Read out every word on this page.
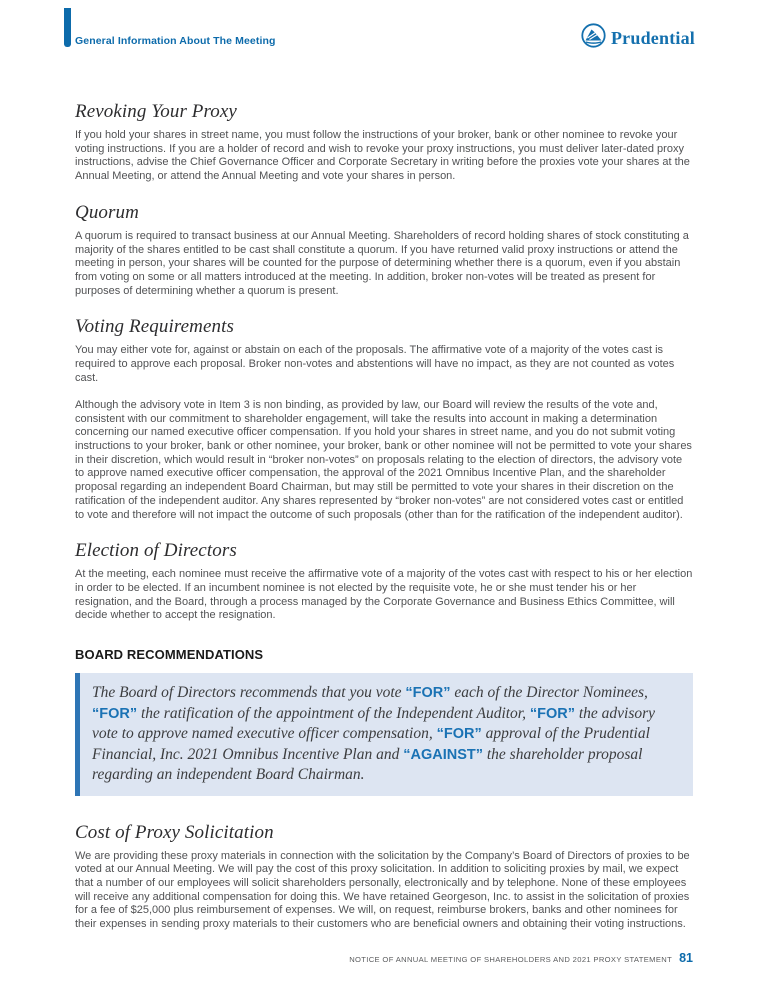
General Information About The Meeting	Prudential
Revoking Your Proxy

If you hold your shares in street name, you must follow the instructions of your broker, bank or other nominee to revoke your voting instructions. If you are a holder of record and wish to revoke your proxy instructions, you must deliver later-dated proxy instructions, advise the Chief Governance Officer and Corporate Secretary in writing before the proxies vote your shares at the Annual Meeting, or attend the Annual Meeting and vote your shares in person.

Quorum

A quorum is required to transact business at our Annual Meeting. Shareholders of record holding shares of stock constituting a majority of the shares entitled to be cast shall constitute a quorum. If you have returned valid proxy instructions or attend the meeting in person, your shares will be counted for the purpose of determining whether there is a quorum, even if you abstain from voting on some or all matters introduced at the meeting. In addition, broker non-votes will be treated as present for purposes of determining whether a quorum is present.

Voting Requirements

You may either vote for, against or abstain on each of the proposals. The affirmative vote of a majority of the votes cast is required to approve each proposal. Broker non-votes and abstentions will have no impact, as they are not counted as votes cast.

Although the advisory vote in Item 3 is non binding, as provided by law, our Board will review the results of the vote and, consistent with our commitment to shareholder engagement, will take the results into account in making a determination concerning our named executive officer compensation. If you hold your shares in street name, and you do not submit voting instructions to your broker, bank or other nominee, your broker, bank or other nominee will not be permitted to vote your shares in their discretion, which would result in “broker non-votes” on proposals relating to the election of directors, the advisory vote to approve named executive officer compensation, the approval of the 2021 Omnibus Incentive Plan, and the shareholder proposal regarding an independent Board Chairman, but may still be permitted to vote your shares in their discretion on the ratification of the independent auditor. Any shares represented by “broker non-votes” are not considered votes cast or entitled to vote and therefore will not impact the outcome of such proposals (other than for the ratification of the independent auditor).

Election of Directors

At the meeting, each nominee must receive the affirmative vote of a majority of the votes cast with respect to his or her election in order to be elected. If an incumbent nominee is not elected by the requisite vote, he or she must tender his or her resignation, and the Board, through a process managed by the Corporate Governance and Business Ethics Committee, will decide whether to accept the resignation.

BOARD RECOMMENDATIONS
The Board of Directors recommends that you vote “FOR” each of the Director Nominees, “FOR” the ratification of the appointment of the Independent Auditor, “FOR” the advisory vote to approve named executive officer compensation, “FOR” approval of the Prudential Financial, Inc. 2021 Omnibus Incentive Plan and “AGAINST” the shareholder proposal regarding an independent Board Chairman.
Cost of Proxy Solicitation

We are providing these proxy materials in connection with the solicitation by the Company’s Board of Directors of proxies to be voted at our Annual Meeting. We will pay the cost of this proxy solicitation. In addition to soliciting proxies by mail, we expect that a number of our employees will solicit shareholders personally, electronically and by telephone. None of these employees will receive any additional compensation for doing this. We have retained Georgeson, Inc. to assist in the solicitation of proxies for a fee of $25,000 plus reimbursement of expenses. We will, on request, reimburse brokers, banks and other nominees for their expenses in sending proxy materials to their customers who are beneficial owners and obtaining their voting instructions.

NOTICE OF ANNUAL MEETING OF SHAREHOLDERS AND 2021 PROXY STATEMENT 81
